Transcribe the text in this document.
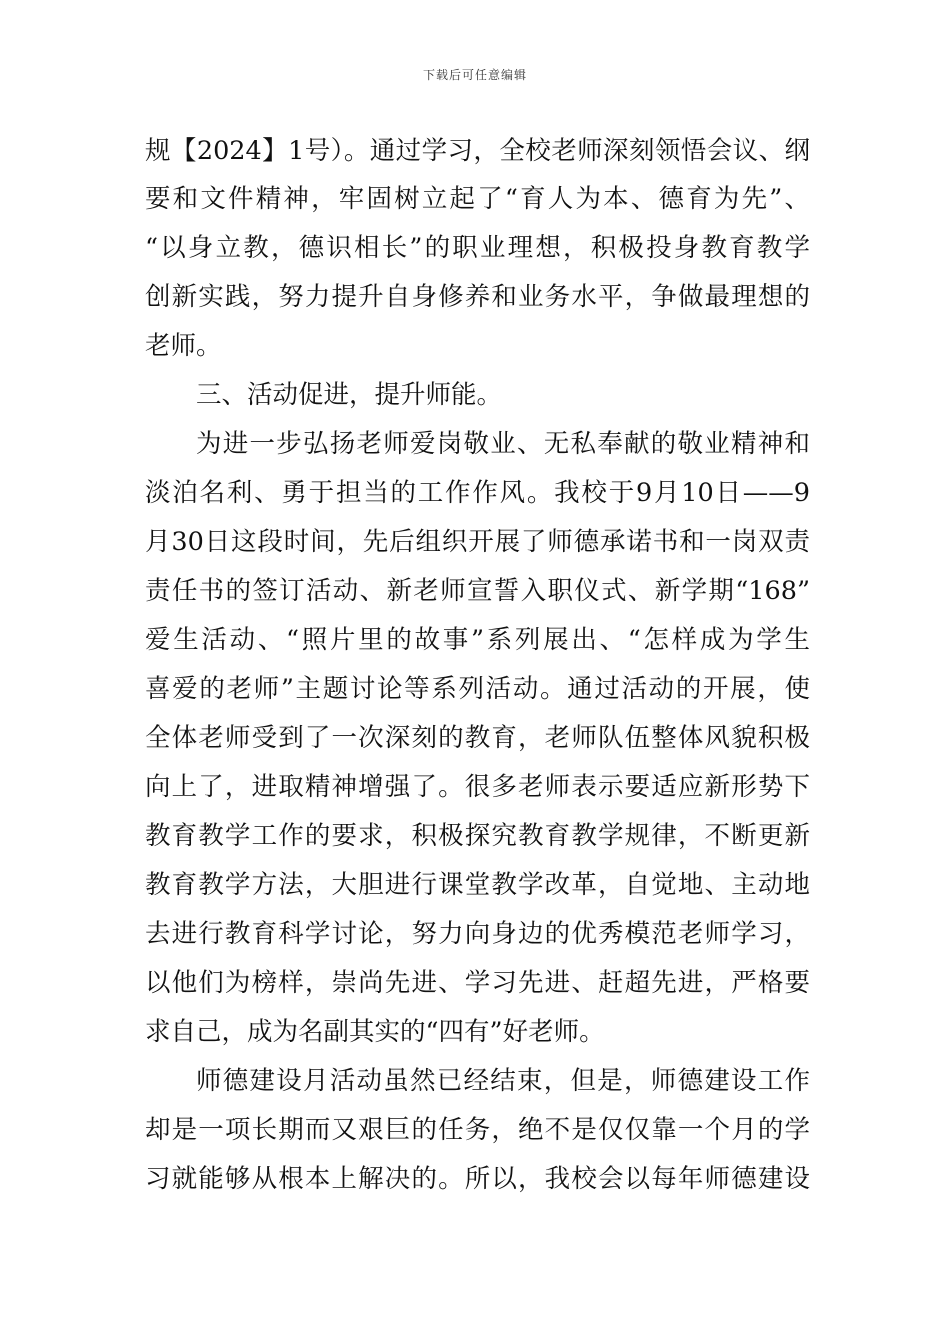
下载后可任意编辑
规【2024】1号）。通过学习，全校老师深刻领悟会议、纲
要和文件精神，牢固树立起了“育人为本、德育为先”、
“以身立教，德识相长”的职业理想，积极投身教育教学
创新实践，努力提升自身修养和业务水平，争做最理想的
老师。
三、活动促进，提升师能。
为进一步弘扬老师爱岗敬业、无私奉献的敬业精神和
淡泊名利、勇于担当的工作作风。我校于9月10日——9
月30日这段时间，先后组织开展了师德承诺书和一岗双责
责任书的签订活动、新老师宣誓入职仪式、新学期“168”
爱生活动、“照片里的故事”系列展出、“怎样成为学生
喜爱的老师”主题讨论等系列活动。通过活动的开展，使
全体老师受到了一次深刻的教育，老师队伍整体风貌积极
向上了，进取精神增强了。很多老师表示要适应新形势下
教育教学工作的要求，积极探究教育教学规律，不断更新
教育教学方法，大胆进行课堂教学改革，自觉地、主动地
去进行教育科学讨论，努力向身边的优秀模范老师学习，
以他们为榜样，崇尚先进、学习先进、赶超先进，严格要
求自己，成为名副其实的“四有”好老师。
师德建设月活动虽然已经结束，但是，师德建设工作
却是一项长期而又艰巨的任务，绝不是仅仅靠一个月的学
习就能够从根本上解决的。所以，我校会以每年师德建设
